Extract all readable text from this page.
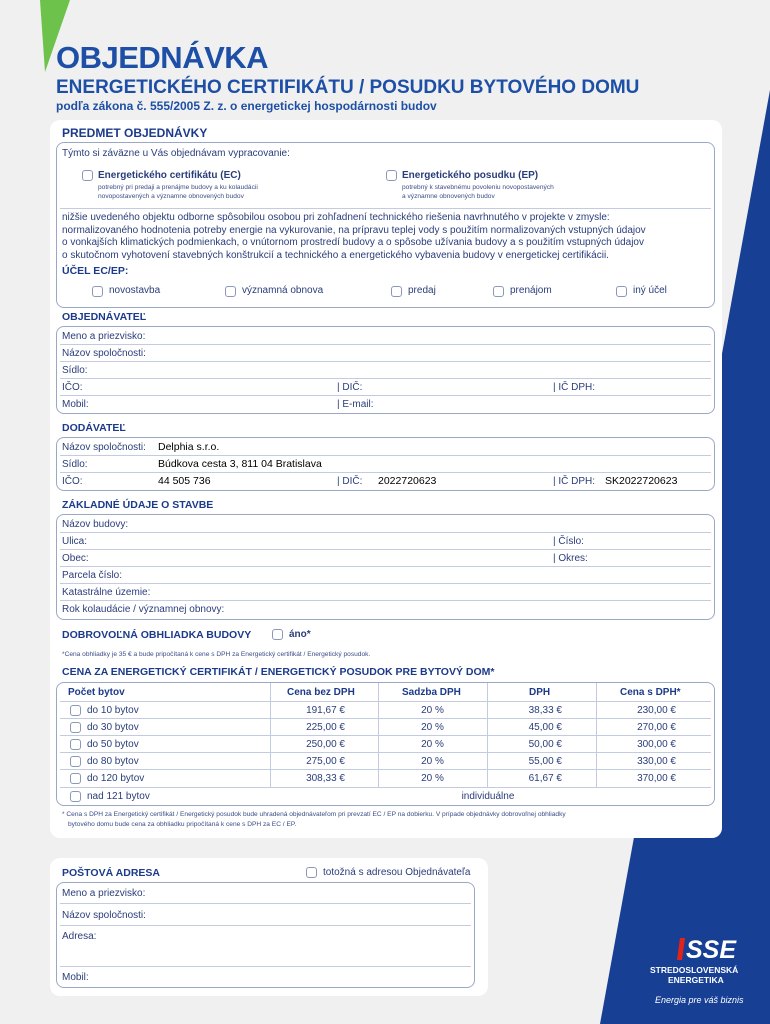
OBJEDNÁVKA
ENERGETICKÉHO CERTIFIKÁTU / POSUDKU BYTOVÉHO DOMU
podľa zákona č. 555/2005 Z. z. o energetickej hospodárnosti budov
PREDMET OBJEDNÁVKY
Týmto si záväzne u Vás objednávam vypracovanie:
Energetického certifikátu (EC)
potrebný pri predaji a prenájme budovy a ku kolaudácii
novopostavených a významne obnovených budov
Energetického posudku (EP)
potrebný k stavebnému povoleniu novopostavených
a významne obnovených budov
nižšie uvedeného objektu odborne spôsobilou osobou pri zohľadnení technického riešenia navrhnutého v projekte v zmysle:
normalizovaného hodnotenia potreby energie na vykurovanie, na prípravu teplej vody s použitím normalizovaných vstupných údajov
o vonkajších klimatických podmienkach, o vnútornom prostredí budovy a o spôsobe užívania budovy a s použitím vstupných údajov
o skutočnom vyhotovení stavebných konštrukcií a technického a energetického vybavenia budovy v energetickej certifikácii.
ÚČEL EC/EP:
novostavba	významná obnova	predaj	prenájom	iný účel
OBJEDNÁVATEĽ
Meno a priezvisko:
Názov spoločnosti:
Sídlo:
IČO:	| DIČ:	| IČ DPH:
Mobil:	| E-mail:
DODÁVATEĽ
Názov spoločnosti: Delphia s.r.o.
Sídlo:	Búdkova cesta 3, 811 04 Bratislava
IČO:	44 505 736	| DIČ: 2022720623	| IČ DPH: SK2022720623
ZÁKLADNÉ ÚDAJE O STAVBE
Názov budovy:
Ulica:	| Číslo:
Obec:	| Okres:
Parcela číslo:
Katastrálne územie:
Rok kolaudácie / významnej obnovy:
DOBROVOĽNÁ OBHLIADKA BUDOVY	áno*
*Cena obhliadky je 35 € a bude pripočítaná k cene s DPH za Energetický certifikát / Energetický posudok.
CENA ZA ENERGETICKÝ CERTIFIKÁT / ENERGETICKÝ POSUDOK PRE BYTOVÝ DOM*
Počet bytov	Cena bez DPH	Sadzba DPH	DPH	Cena s DPH*
do 10 bytov	191,67 €	20 %	38,33 €	230,00 €
do 30 bytov	225,00 €	20 %	45,00 €	270,00 €
do 50 bytov	250,00 €	20 %	50,00 €	300,00 €
do 80 bytov	275,00 €	20 %	55,00 €	330,00 €
do 120 bytov	308,33 €	20 %	61,67 €	370,00 €
nad 121 bytov	individuálne
* Cena s DPH za Energetický certifikát / Energetický posudok bude uhradená objednávateľom pri prevzatí EC / EP na dobierku. V prípade objednávky dobrovoľnej obhliadky
bytového domu bude cena za obhliadku pripočítaná k cene s DPH za EC / EP.
POŠTOVÁ ADRESA	totožná s adresou Objednávateľa
Meno a priezvisko:
Názov spoločnosti:
Adresa:
Mobil:
SSE
STREDOSLOVENSKÁ
ENERGETIKA
Energia pre váš biznis
